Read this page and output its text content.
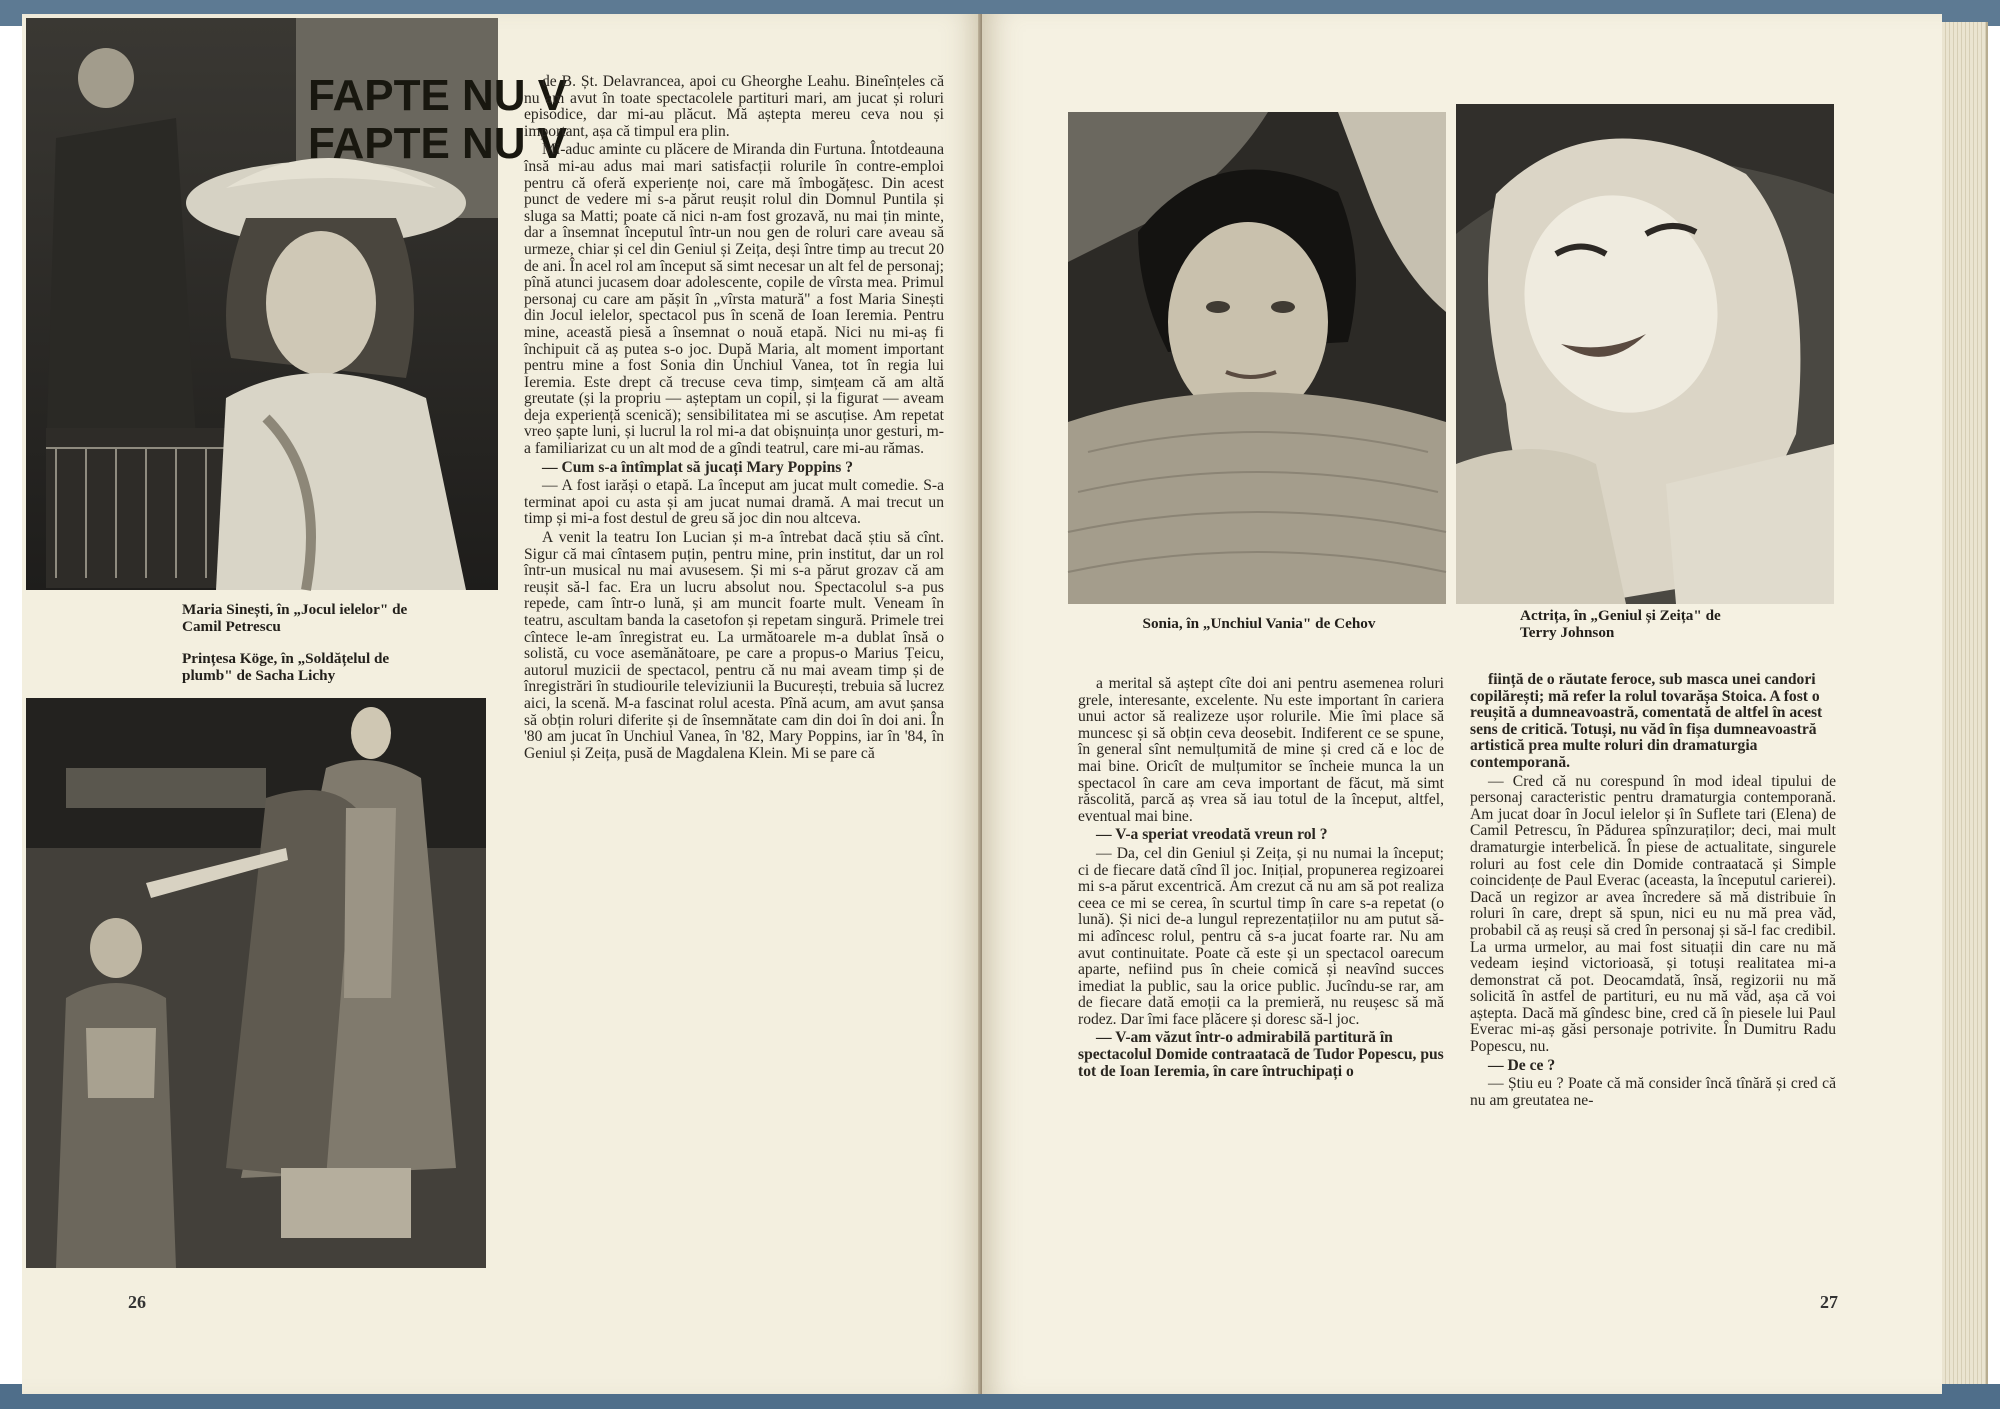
FAPTE NU V
FAPTE NU V
Maria Sinești, în „Jocul ielelor" de
Camil Petrescu
Prințesa Köge, în „Soldățelul de
plumb" de Sacha Lichy

de B. Șt. Delavrancea, apoi cu Gheorghe Leahu. Bineînțeles că nu am avut în toate spectacolele partituri mari, am jucat și roluri episodice, dar mi-au plăcut. Mă aștepta mereu ceva nou și important, așa că timpul era plin.

Mi-aduc aminte cu plăcere de Miranda din Furtuna. Întotdeauna însă mi-au adus mai mari satisfacții rolurile în contre-emploi pentru că oferă experiențe noi, care mă îmbogățesc. Din acest punct de vedere mi s-a părut reușit rolul din Domnul Puntila și sluga sa Matti; poate că nici n-am fost grozavă, nu mai țin minte, dar a însemnat începutul într-un nou gen de roluri care aveau să urmeze, chiar și cel din Geniul și Zeița, deși între timp au trecut 20 de ani. În acel rol am început să simt necesar un alt fel de personaj; pînă atunci jucasem doar adolescente, copile de vîrsta mea. Primul personaj cu care am pășit în „vîrsta matură" a fost Maria Sinești din Jocul ielelor, spectacol pus în scenă de Ioan Ieremia. Pentru mine, această piesă a însemnat o nouă etapă. Nici nu mi-aș fi închipuit că aș putea s-o joc. După Maria, alt moment important pentru mine a fost Sonia din Unchiul Vanea, tot în regia lui Ieremia. Este drept că trecuse ceva timp, simțeam că am altă greutate (și la propriu — așteptam un copil, și la figurat — aveam deja experiență scenică); sensibilitatea mi se ascuțise. Am repetat vreo șapte luni, și lucrul la rol mi-a dat obișnuința unor gesturi, m-a familiarizat cu un alt mod de a gîndi teatrul, care mi-au rămas.

— Cum s-a întîmplat să jucați Mary Poppins ?

— A fost iarăși o etapă. La început am jucat mult comedie. S-a terminat apoi cu asta și am jucat numai dramă. A mai trecut un timp și mi-a fost destul de greu să joc din nou altceva.

A venit la teatru Ion Lucian și m-a întrebat dacă știu să cînt. Sigur că mai cîntasem puțin, pentru mine, prin institut, dar un rol într-un musical nu mai avusesem. Și mi s-a părut grozav că am reușit să-l fac. Era un lucru absolut nou. Spectacolul s-a pus repede, cam într-o lună, și am muncit foarte mult. Veneam în teatru, ascultam banda la casetofon și repetam singură. Primele trei cîntece le-am înregistrat eu. La următoarele m-a dublat însă o solistă, cu voce asemănătoare, pe care a propus-o Marius Țeicu, autorul muzicii de spectacol, pentru că nu mai aveam timp și de înregistrări în studiourile televiziunii la București, trebuia să lucrez aici, la scenă. M-a fascinat rolul acesta. Pînă acum, am avut șansa să obțin roluri diferite și de însemnătate cam din doi în doi ani. În '80 am jucat în Unchiul Vanea, în '82, Mary Poppins, iar în '84, în Geniul și Zeița, pusă de Magdalena Klein. Mi se pare că

26
Sonia, în „Unchiul Vania" de Cehov	Actrița, în „Geniul și Zeița" de
Terry Johnson

a merital să aștept cîte doi ani pentru asemenea roluri grele, interesante, excelente. Nu este important în cariera unui actor să realizeze ușor rolurile. Mie îmi place să muncesc și să obțin ceva deosebit. Indiferent ce se spune, în general sînt nemulțumită de mine și cred că e loc de mai bine. Oricît de mulțumitor se încheie munca la un spectacol în care am ceva important de făcut, mă simt răscolită, parcă aș vrea să iau totul de la început, altfel, eventual mai bine.

— V-a speriat vreodată vreun rol ?

— Da, cel din Geniul și Zeița, și nu numai la început; ci de fiecare dată cînd îl joc. Inițial, propunerea regizoarei mi s-a părut excentrică. Am crezut că nu am să pot realiza ceea ce mi se cerea, în scurtul timp în care s-a repetat (o lună). Și nici de-a lungul reprezentațiilor nu am putut să-mi adîncesc rolul, pentru că s-a jucat foarte rar. Nu am avut continuitate. Poate că este și un spectacol oarecum aparte, nefiind pus în cheie comică și neavînd succes imediat la public, sau la orice public. Jucîndu-se rar, am de fiecare dată emoții ca la premieră, nu reușesc să mă rodez. Dar îmi face plăcere și doresc să-l joc.

— V-am văzut într-o admirabilă partitură în spectacolul Domide contraatacă de Tudor Popescu, pus tot de Ioan Ieremia, în care întruchipați o

ființă de o răutate feroce, sub masca unei candori copilărești; mă refer la rolul tovarășa Stoica. A fost o reușită a dumneavoastră, comentată de altfel în acest sens de critică. Totuși, nu văd în fișa dumneavoastră artistică prea multe roluri din dramaturgia contemporană.

— Cred că nu corespund în mod ideal tipului de personaj caracteristic pentru dramaturgia contemporană. Am jucat doar în Jocul ielelor și în Suflete tari (Elena) de Camil Petrescu, în Pădurea spînzuraților; deci, mai mult dramaturgie interbelică. În piese de actualitate, singurele roluri au fost cele din Domide contraatacă și Simple coincidențe de Paul Everac (aceasta, la începutul carierei). Dacă un regizor ar avea încredere să mă distribuie în roluri în care, drept să spun, nici eu nu mă prea văd, probabil că aș reuși să cred în personaj și să-l fac credibil. La urma urmelor, au mai fost situații din care nu mă vedeam ieșind victorioasă, și totuși realitatea mi-a demonstrat că pot. Deocamdată, însă, regizorii nu mă solicită în astfel de partituri, eu nu mă văd, așa că voi aștepta. Dacă mă gîndesc bine, cred că în piesele lui Paul Everac mi-aș găsi personaje potrivite. În Dumitru Radu Popescu, nu.

— De ce ?

— Știu eu ? Poate că mă consider încă tînără și cred că nu am greutatea ne-

27
